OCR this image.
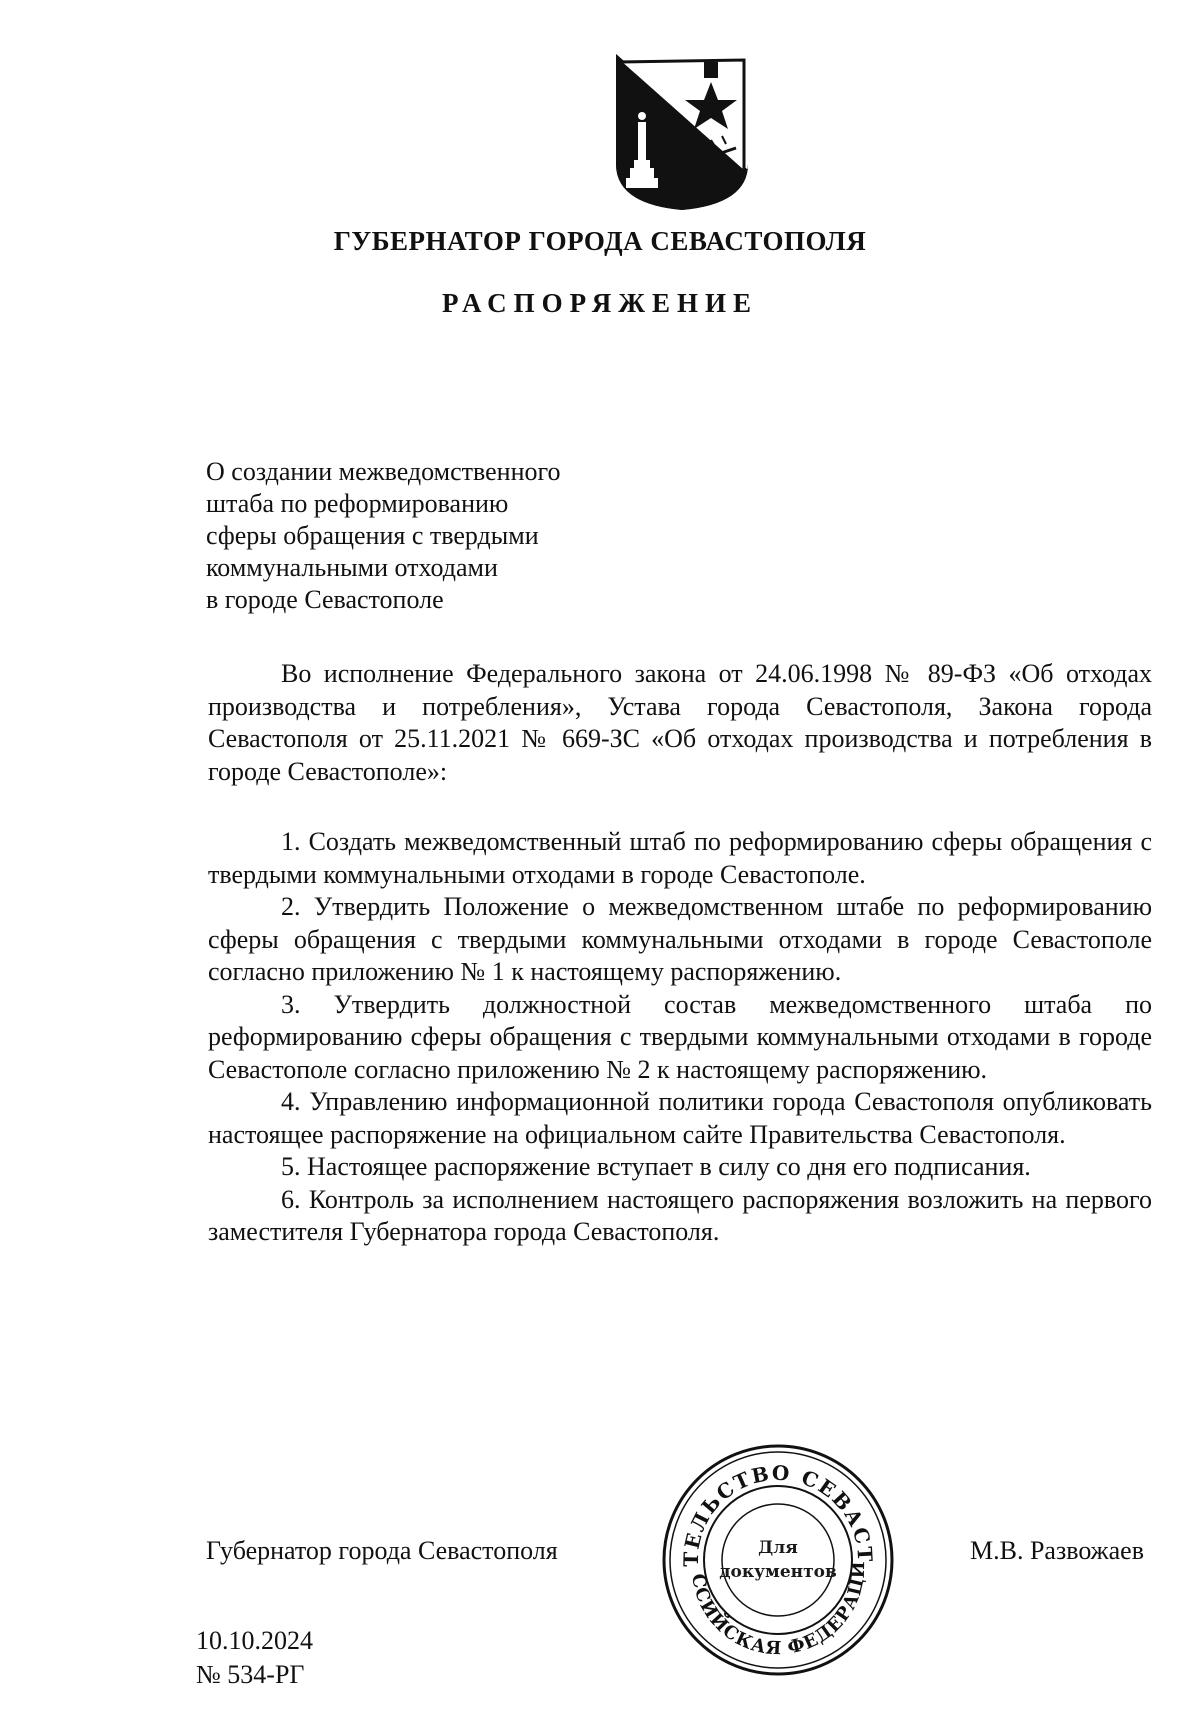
ГУБЕРНАТОР ГОРОДА СЕВАСТОПОЛЯ
РАСПОРЯЖЕНИЕ
О создании межведомственного
штаба по реформированию
сферы обращения с твердыми
коммунальными отходами
в городе Севастополе

Во исполнение Федерального закона от 24.06.1998 № 89-ФЗ «Об отходах производства и потребления», Устава города Севастополя, Закона города Севастополя от 25.11.2021 № 669-ЗС «Об отходах производства и потребления в городе Севастополе»:

1. Создать межведомственный штаб по реформированию сферы обращения с твердыми коммунальными отходами в городе Севастополе.

2. Утвердить Положение о межведомственном штабе по реформированию сферы обращения с твердыми коммунальными отходами в городе Севастополе согласно приложению № 1 к настоящему распоряжению.

3. Утвердить должностной состав межведомственного штаба по реформированию сферы обращения с твердыми коммунальными отходами в городе Севастополе согласно приложению № 2 к настоящему распоряжению.

4. Управлению информационной политики города Севастополя опубликовать настоящее распоряжение на официальном сайте Правительства Севастополя.

5. Настоящее распоряжение вступает в силу со дня его подписания.

6. Контроль за исполнением настоящего распоряжения возложить на первого заместителя Губернатора города Севастополя.

Губернатор города Севастополя	ТЕЛЬСТВО СЕВАСТ
ССИЙСКАЯ ФЕДЕРАЦИ
Для
документов
М.В. Развожаев
10.10.2024
№ 534-РГ
